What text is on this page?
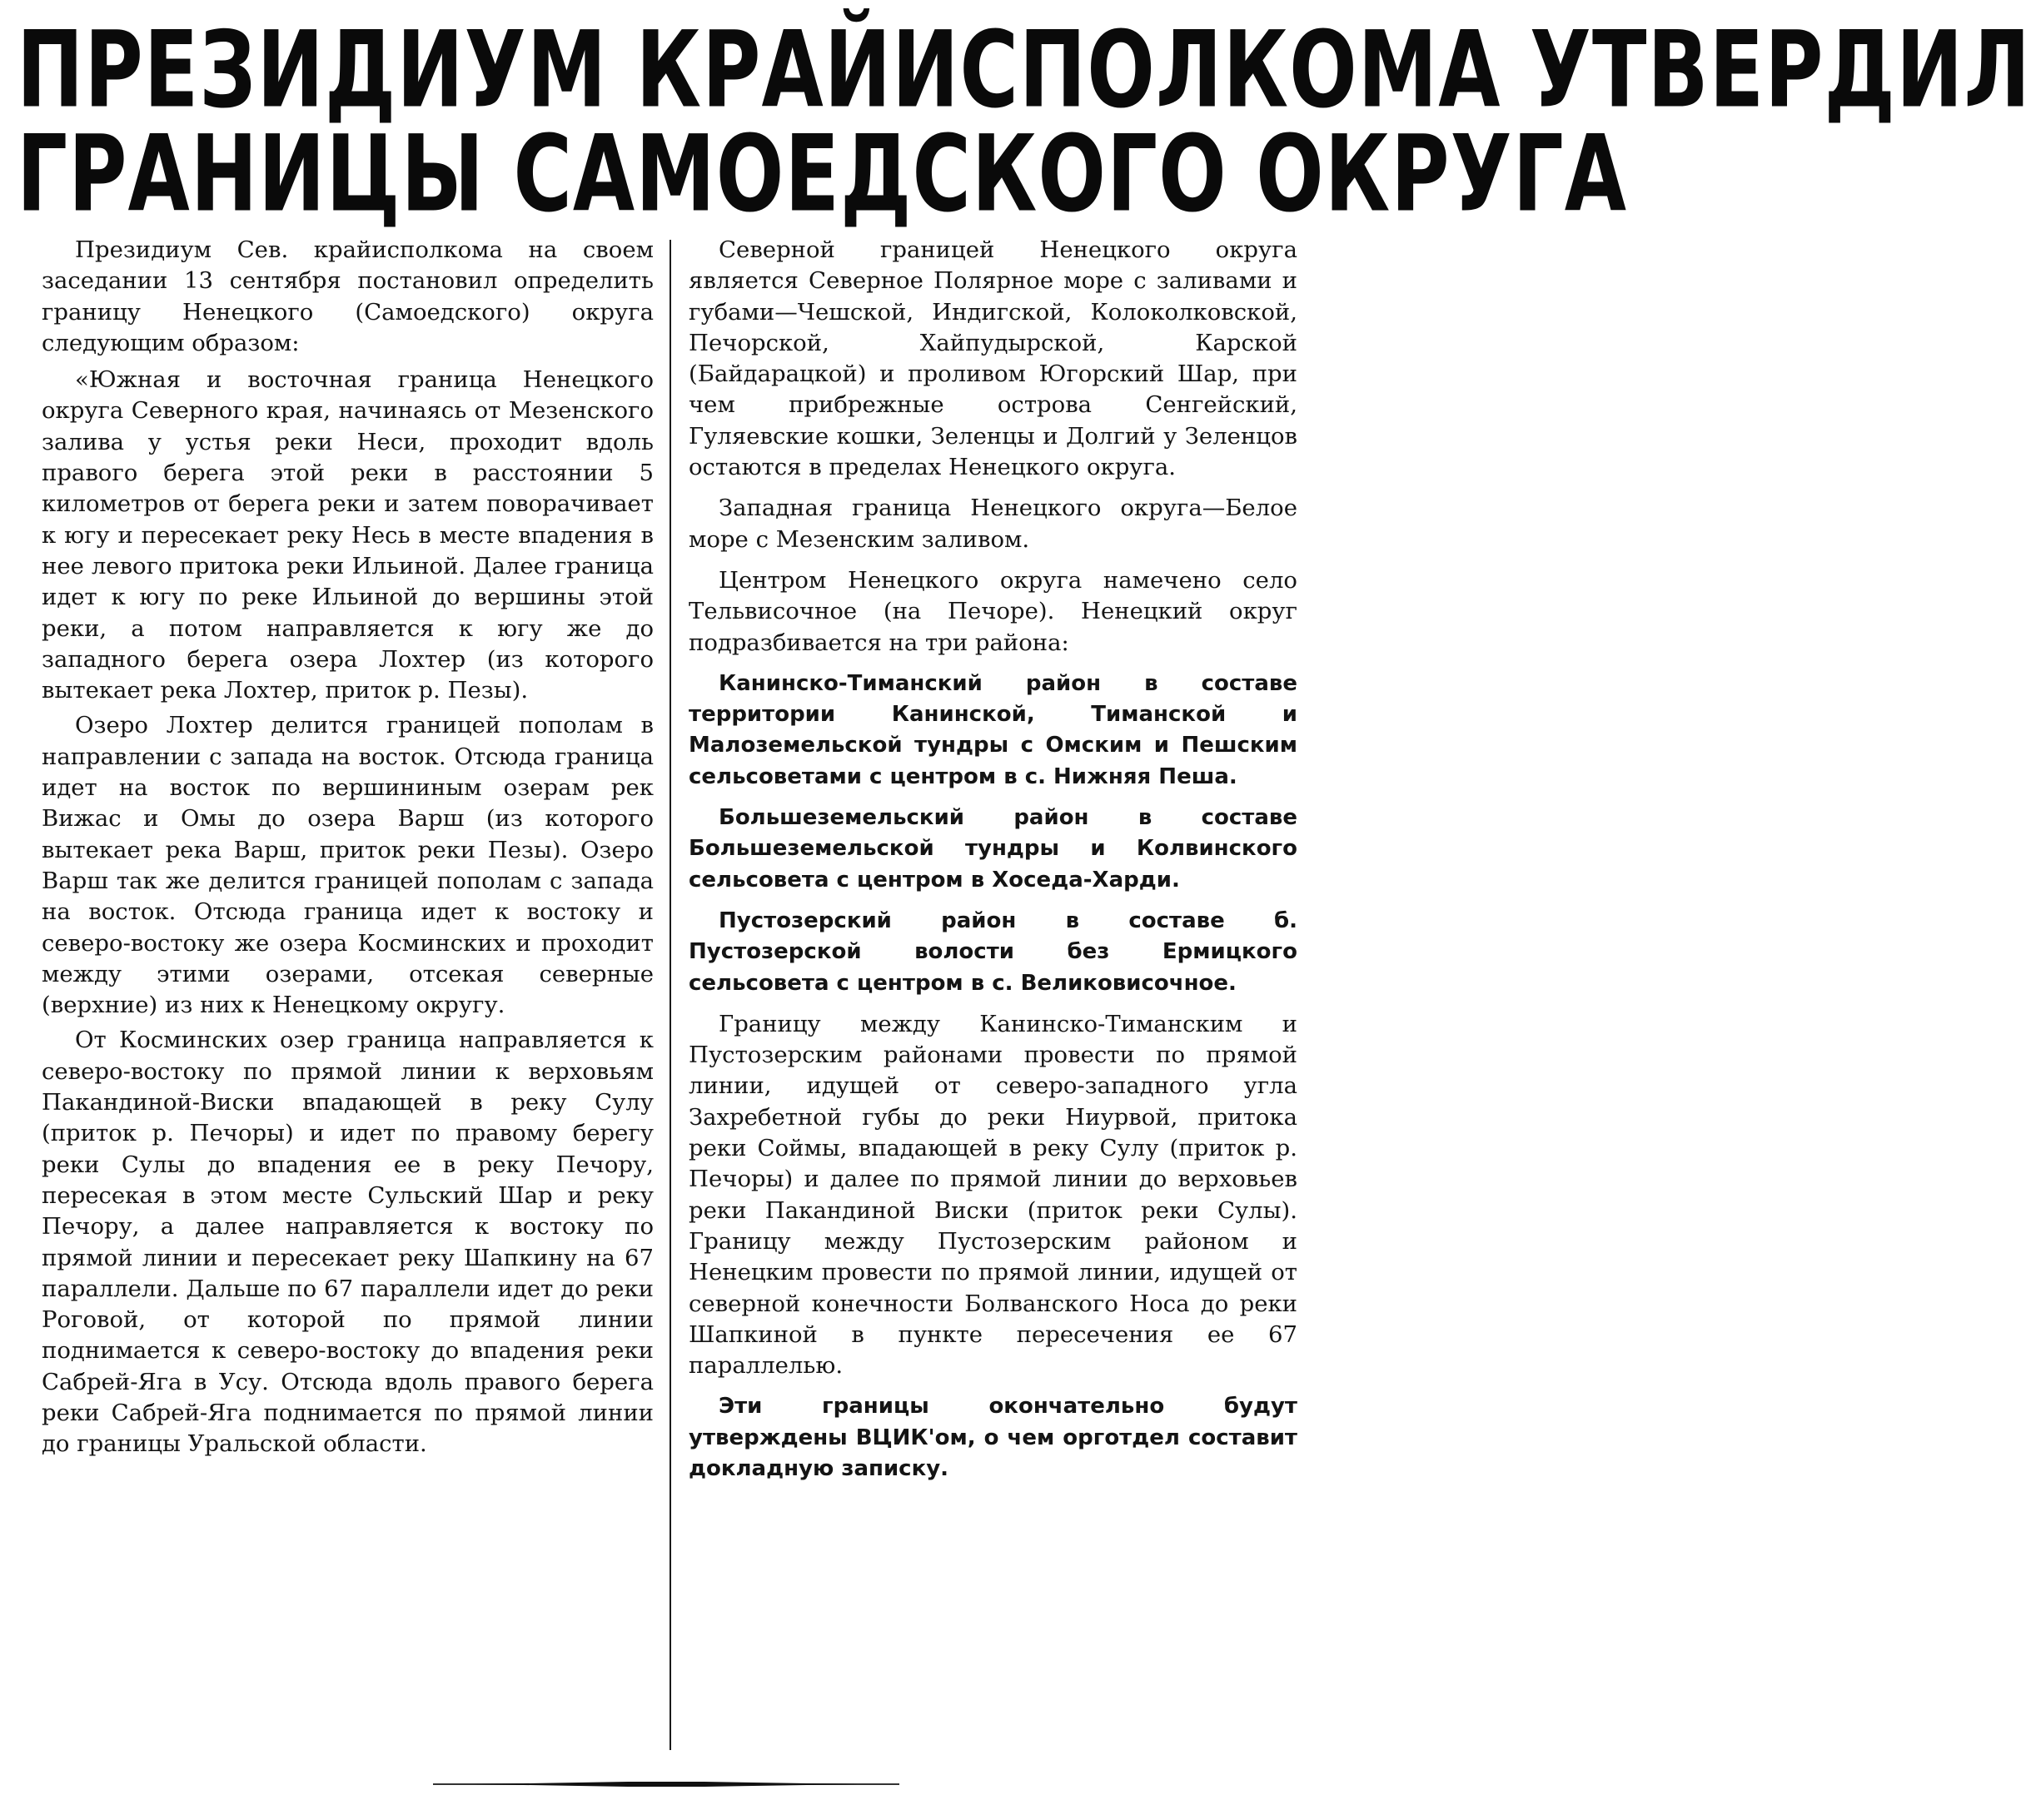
ПРЕЗИДИУМ КРАЙИСПОЛКОМА УТВЕРДИЛ
ГРАНИЦЫ САМОЕДСКОГО ОКРУГА

Президиум Сев. крайисполкома на своем заседании 13 сентября постановил определить границу Ненецкого (Самоедского) округа следующим образом:

«Южная и восточная граница Ненецкого округа Северного края, начинаясь от Мезенского залива у устья реки Неси, проходит вдоль правого берега этой реки в расстоянии 5 километров от берега реки и затем поворачивает к югу и пересекает реку Несь в месте впадения в нее левого притока реки Ильиной. Далее граница идет к югу по реке Ильиной до вершины этой реки, а потом направляется к югу же до западного берега озера Лохтер (из которого вытекает река Лохтер, приток р. Пезы).

Озеро Лохтер делится границей пополам в направлении с запада на восток. Отсюда граница идет на восток по вершининым озерам рек Вижас и Омы до озера Варш (из которого вытекает река Варш, приток реки Пезы). Озеро Варш так же делится границей пополам с запада на восток. Отсюда граница идет к востоку и северо-востоку же озера Косминских и проходит между этими озерами, отсекая северные (верхние) из них к Ненецкому округу.

От Косминских озер граница направляется к северо-востоку по прямой линии к верховьям Пакандиной-Виски впадающей в реку Сулу (приток р. Печоры) и идет по правому берегу реки Сулы до впадения ее в реку Печору, пересекая в этом месте Сульский Шар и реку Печору, а далее направляется к востоку по прямой линии и пересекает реку Шапкину на 67 параллели. Дальше по 67 параллели идет до реки Роговой, от которой по прямой линии поднимается к северо-востоку до впадения реки Сабрей-Яга в Усу. Отсюда вдоль правого берега реки Сабрей-Яга поднимается по прямой линии до границы Уральской области.

Северной границей Ненецкого округа является Северное Полярное море с заливами и губами—Чешской, Индигской, Колоколковской, Печорской, Хайпудырской, Карской (Байдарацкой) и проливом Югорский Шар, при чем прибрежные острова Сенгейский, Гуляевские кошки, Зеленцы и Долгий у Зеленцов остаются в пределах Ненецкого округа.

Западная граница Ненецкого округа—Белое море с Мезенским заливом.

Центром Ненецкого округа намечено село Тельвисочное (на Печоре). Ненецкий округ подразбивается на три района:

Канинско-Тиманский район в составе территории Канинской, Тиманской и Малоземельской тундры с Омским и Пешским сельсоветами с центром в с. Нижняя Пеша.

Большеземельский район в составе Большеземельской тундры и Колвинского сельсовета с центром в Хоседа-Харди.

Пустозерский район в составе б. Пустозерской волости без Ермицкого сельсовета с центром в с. Великовисочное.

Границу между Канинско-Тиманским и Пустозерским районами провести по прямой линии, идущей от северо-западного угла Захребетной губы до реки Ниурвой, притока реки Соймы, впадающей в реку Сулу (приток р. Печоры) и далее по прямой линии до верховьев реки Пакандиной Виски (приток реки Сулы). Границу между Пустозерским районом и Ненецким провести по прямой линии, идущей от северной конечности Болванского Носа до реки Шапкиной в пункте пересечения ее 67 параллелью.

Эти границы окончательно будут утверждены ВЦИК'ом, о чем орготдел составит докладную записку.
